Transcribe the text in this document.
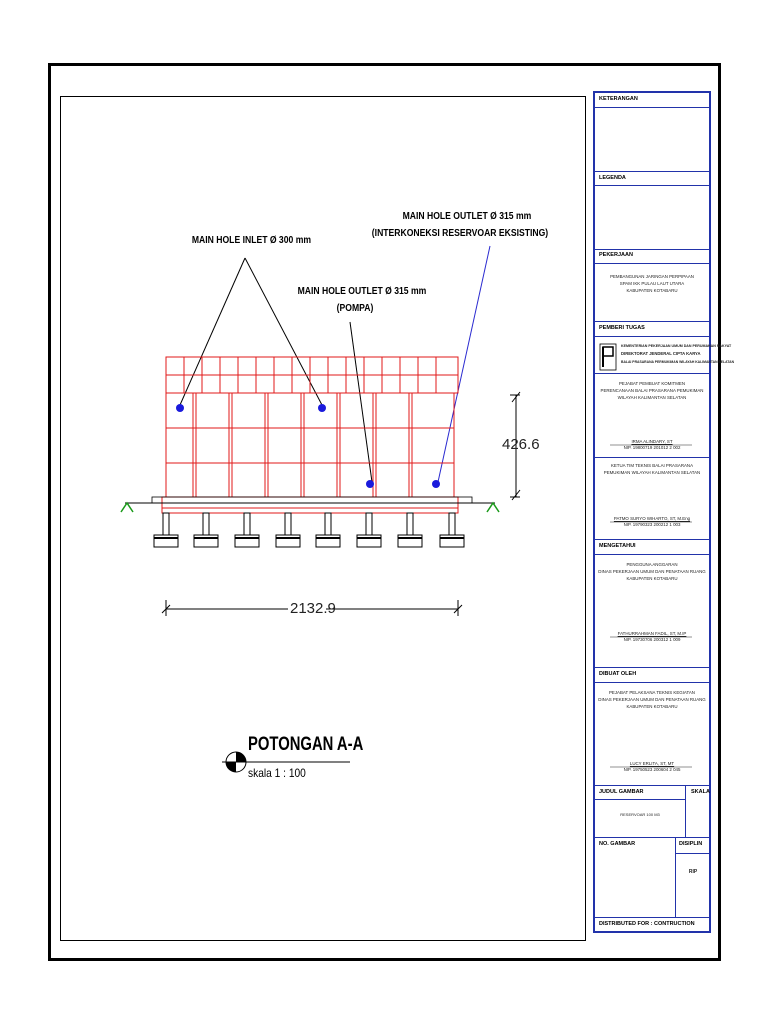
MAIN HOLE INLET Ø 300 mm
MAIN HOLE OUTLET Ø 315 mm
(POMPA)
MAIN HOLE OUTLET Ø 315 mm
(INTERKONEKSI RESERVOAR EKSISTING)
426.6
2132.9
POTONGAN A-A
skala 1 : 100
KETERANGAN
LEGENDA
PEKERJAAN
PEMBANGUNAN JARINGAN PERPIPAAN
SPAM IKK PULAU LAUT UTARA
KABUPATEN KOTABARU
PEMBERI TUGAS
KEMENTERIAN PEKERJAAN UMUM DAN PERUMAHAN RAKYAT
DIREKTORAT JENDERAL CIPTA KARYA
BALAI PRASARANA PERMUKIMAN WILAYAH KALIMANTAN SELATAN
PEJABAT PEMBUAT KOMITMEN
PERENCANAAN BALAI PRASARANA PEMUKIMAN
WILAYAH KALIMANTAN SELATAN
IRMA ALINDARY, ST
NIP. 19800719 201012 2 002
KETUA TIM TEKNIS BALAI PRASARANA
PEMUKIMAN WILAYAH KALIMANTAN SELATAN
PATMO SURYO WIHARTO, ST, M.Eng
NIP. 19790323 200212 1 003
MENGETAHUI
PENGGUNA ANGGARAN
DINAS PEKERJAAN UMUM DAN PENATAAN RUANG
KABUPATEN KOTABARU
FATHURRAHMAN FADIL, ST, M.IP
NIP. 19730706 200312 1 009
DIBUAT OLEH
PEJABAT PELAKSANA TEKNIS KEGIATAN
DINAS PEKERJAAN UMUM DAN PENATAAN RUANG
KABUPATEN KOTABARU
LUCY ERLITA, ST, MT
NIP. 19750523 200604 2 045
JUDUL GAMBAR	SKALA
RESERVOAR 100 M3
NO. GAMBAR	DISIPLIN
RIP
DISTRIBUTED FOR : CONTRUCTION
